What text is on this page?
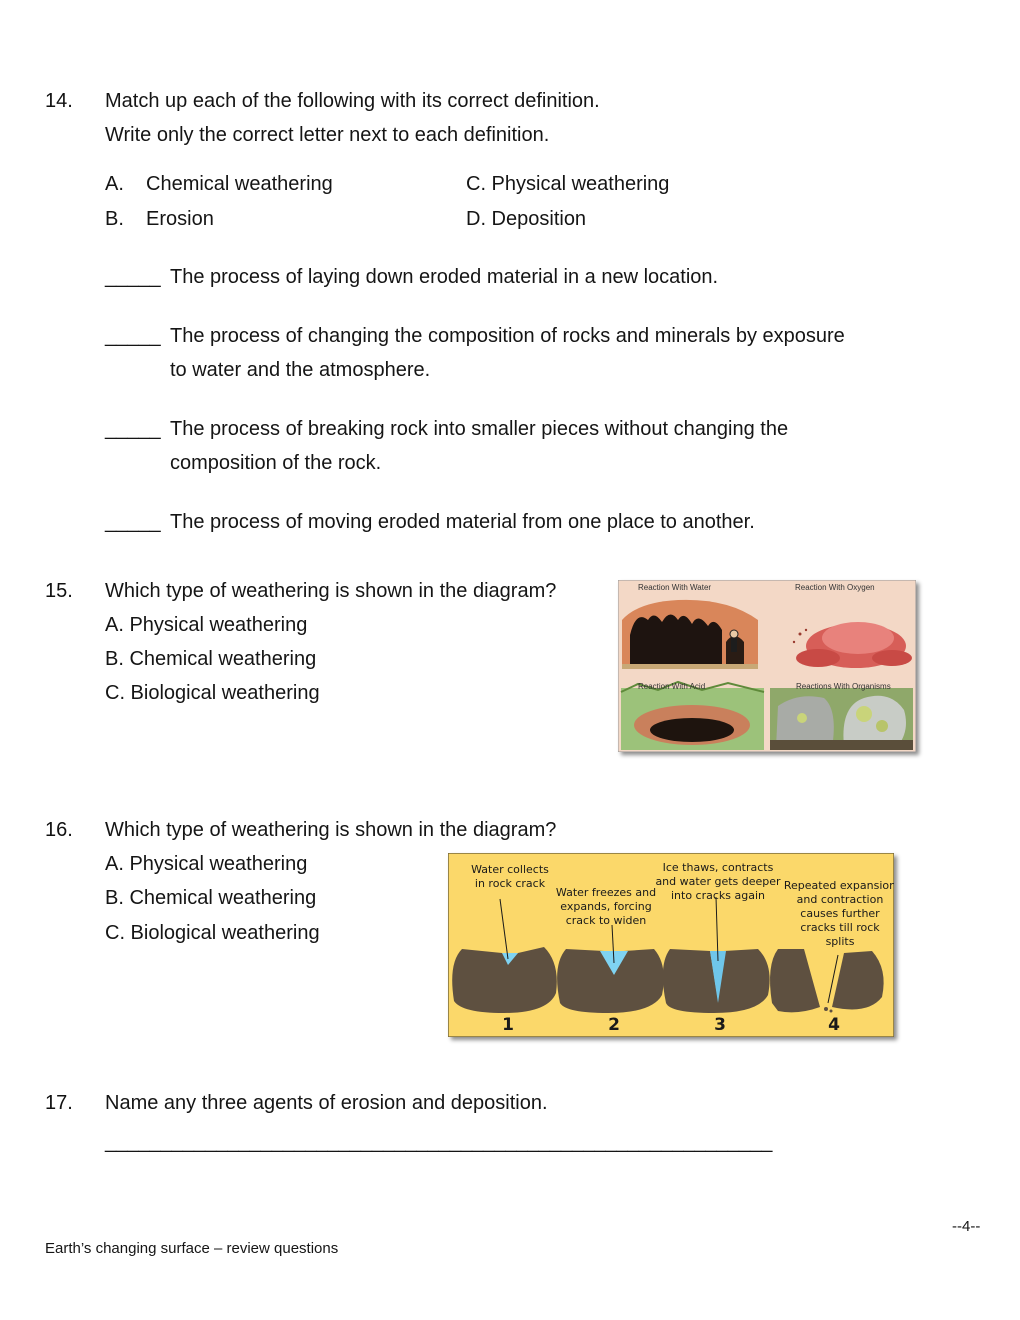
14. Match up each of the following with its correct definition.
Write only the correct letter next to each definition.
A. Chemical weathering	C. Physical weathering
B. Erosion	D. Deposition
_____ The process of laying down eroded material in a new location.
_____ The process of changing the composition of rocks and minerals by exposure
to water and the atmosphere.
_____ The process of breaking rock into smaller pieces without changing the
composition of the rock.
_____ The process of moving eroded material from one place to another.
15. Which type of weathering is shown in the diagram?
A. Physical weathering
B. Chemical weathering
C. Biological weathering
Reaction With Water	Reaction With Oxygen
Reaction With Acid	Reactions With Organisms
16. Which type of weathering is shown in the diagram?
A. Physical weathering
B. Chemical weathering
C. Biological weathering
Water collects
in rock crack
Water freezes and
expands, forcing
crack to widen
Ice thaws, contracts
and water gets deeper
into cracks again
Repeated expansion
and contraction
causes further
cracks till rock
splits
1	2	3	4
17. Name any three agents of erosion and deposition.
____________________________________________________________
--4--
Earth’s changing surface – review questions
